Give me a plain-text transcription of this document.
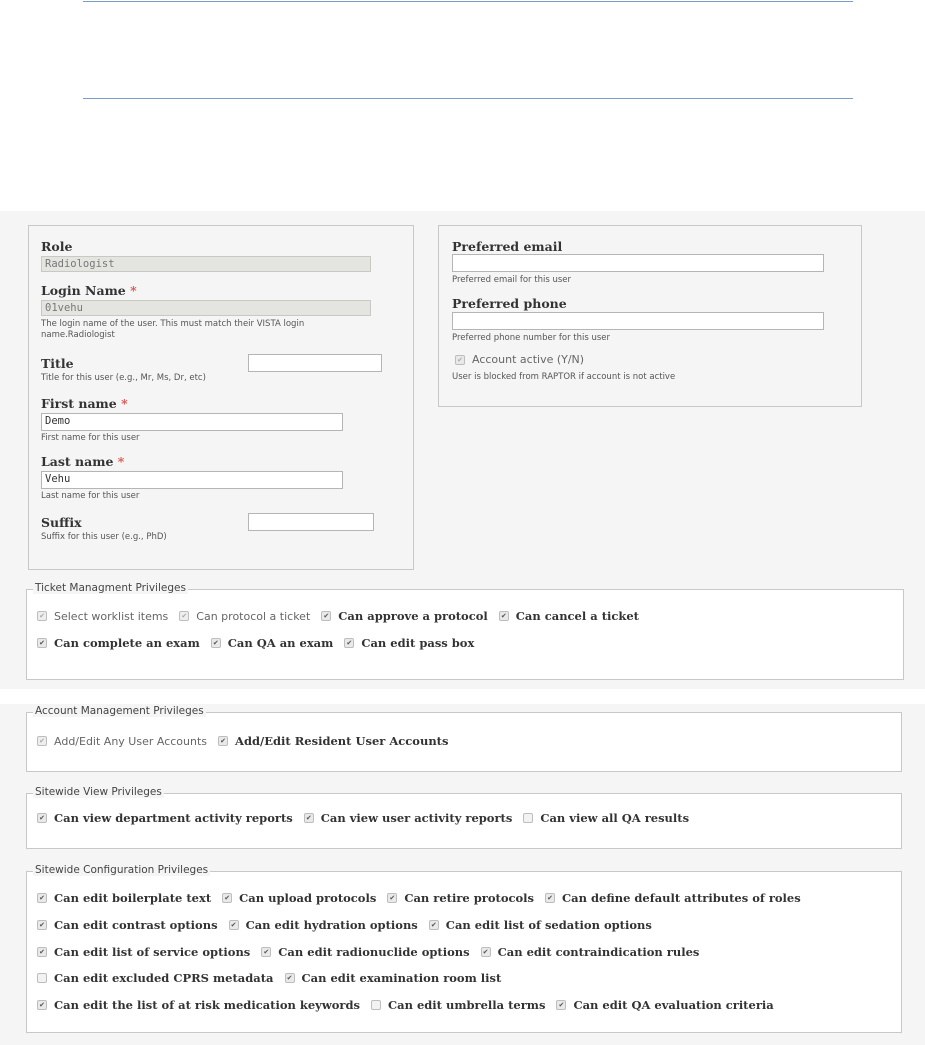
Role
Radiologist
Login Name *
01vehu
The login name of the user. This must match their VISTA login
name.Radiologist
Title
Title for this user (e.g., Mr, Ms, Dr, etc)
First name *
Demo
First name for this user
Last name *
Vehu
Last name for this user
Suffix
Suffix for this user (e.g., PhD)
Preferred email
Preferred email for this user
Preferred phone
Preferred phone number for this user
✔ Account active (Y/N)
User is blocked from RAPTOR if account is not active
Ticket Managment Privileges
✔ Select worklist items ✔ Can protocol a ticket ✔ Can approve a protocol ✔ Can cancel a ticket
✔ Can complete an exam ✔ Can QA an exam ✔ Can edit pass box
Account Management Privileges
✔ Add/Edit Any User Accounts ✔ Add/Edit Resident User Accounts
Sitewide View Privileges
✔ Can view department activity reports ✔ Can view user activity reports Can view all QA results
Sitewide Configuration Privileges
✔ Can edit boilerplate text ✔ Can upload protocols ✔ Can retire protocols ✔ Can define default attributes of roles
✔ Can edit contrast options ✔ Can edit hydration options ✔ Can edit list of sedation options
✔ Can edit list of service options ✔ Can edit radionuclide options ✔ Can edit contraindication rules
Can edit excluded CPRS metadata ✔ Can edit examination room list
✔ Can edit the list of at risk medication keywords Can edit umbrella terms ✔ Can edit QA evaluation criteria
